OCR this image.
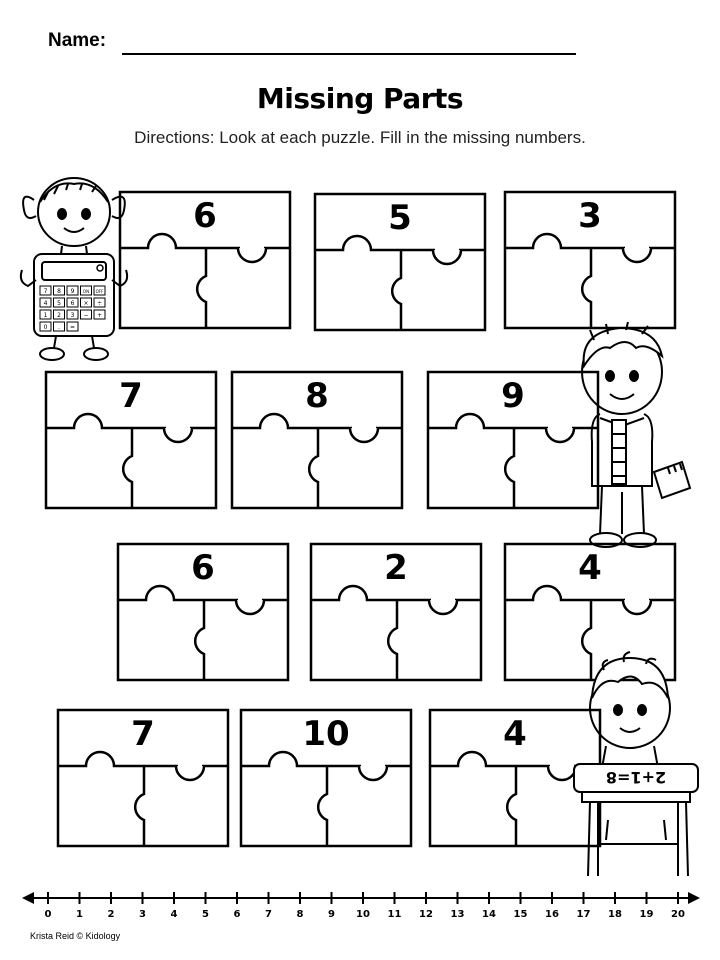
Name:
Missing Parts
Directions: Look at each puzzle. Fill in the missing numbers.
6	5	3
7	8	9
6	2	4
7	10	4
7 8 9 ON OFF
4 5 6 × ÷
1 2 3 − +
0 . =
2+1=8
0 1 2 3 4 5 6 7 8 9 10 11 12 13 14 15 16 17 18 19 20
Krista Reid © Kidology
